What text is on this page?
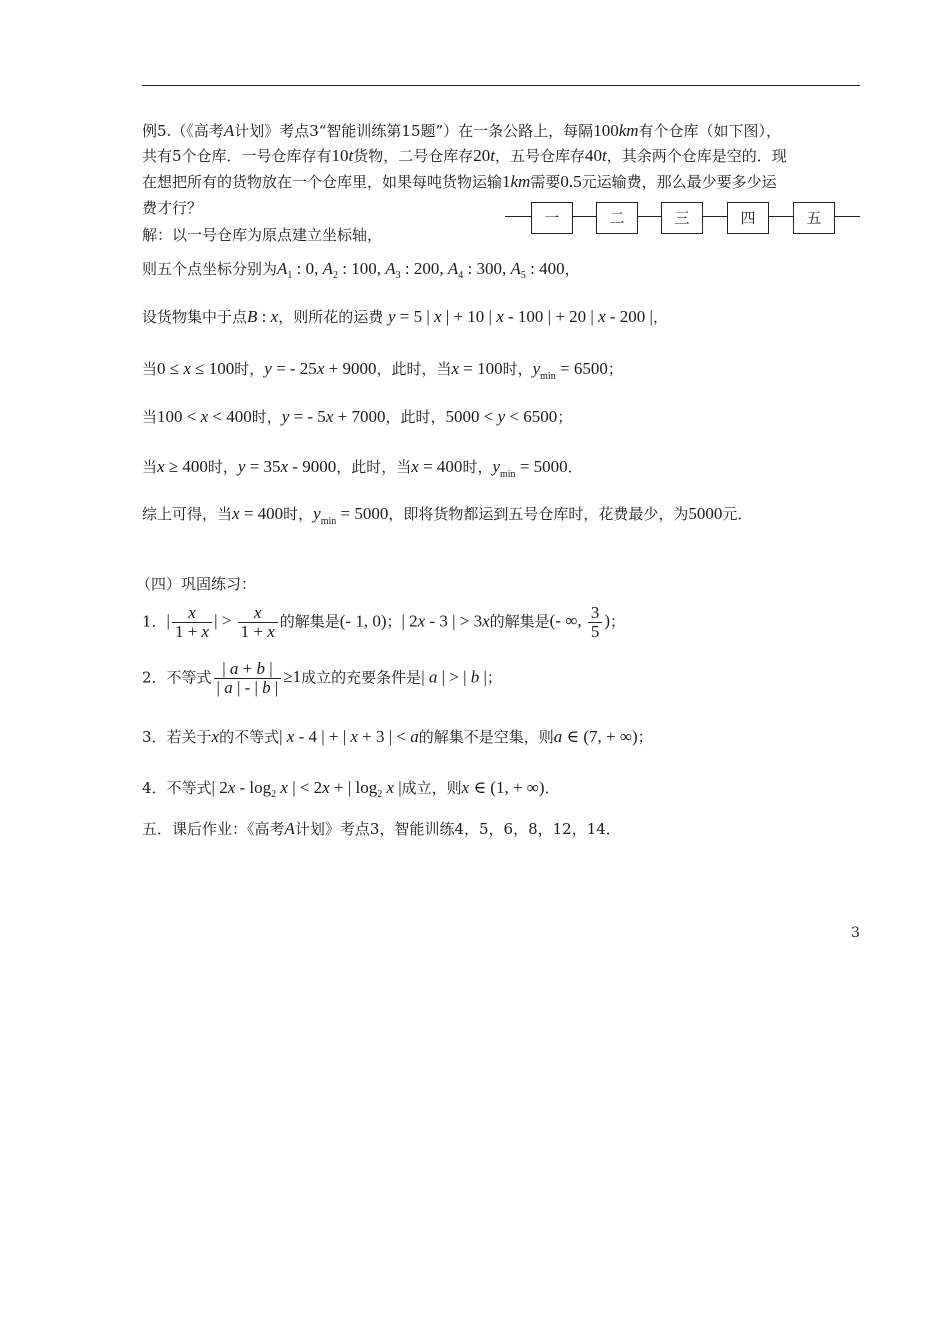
例5.（《高考A计划》考点3“智能训练第15题”）在一条公路上，每隔100km有个仓库（如下图），
共有5个仓库．一号仓库存有10t货物，二号仓库存20t，五号仓库存40t，其余两个仓库是空的．现
在想把所有的货物放在一个仓库里，如果每吨货物运输1km需要0.5元运输费，那么最少要多少运
费才行？
一	二	三	四	五
解：以一号仓库为原点建立坐标轴，
则五个点坐标分别为$A_1$ : 0, $A_2$ : 100, $A_3$ : 200, $A_4$ : 300, $A_5$ : 400，
设货物集中于点B : x，则所花的运费 y = 5 | x | + 10 | x - 100 | + 20 | x - 200 |，
当0 ≤ x ≤ 100时，y = - 25x + 9000，此时，当x = 100时，$y_{min} = 6500$；
当100 < x < 400时，y = - 5x + 7000，此时，5000 < y < 6500；
当x ≥ 400时，y = 35x - 9000，此时，当x = 400时，$y_{min} = 5000$．
综上可得，当x = 400时，$y_{min} = 5000$，即将货物都运到五号仓库时，花费最少，为5000元．
（四）巩固练习：
1．| $\frac{x}{1 + x}$ | > $\frac{x}{1 + x}$ 的解集是(- 1, 0)；| 2x - 3 | > 3x的解集是(- ∞, $\frac{3}{5}$ )；
2．不等式 $\frac{| a + b |}{| a | - | b |} \ge 1$成立的充要条件是| a | > | b |；
3．若关于x的不等式| x - 4 | + | x + 3 | < a的解集不是空集，则a ∈ (7, + ∞)；
4．不等式| $2x - \log_2 x$ | < 2x + | $\log_2 x$ |成立，则x ∈ (1, + ∞)．
五．课后作业：《高考A计划》考点3，智能训练4，5，6，8，12，14．
3
